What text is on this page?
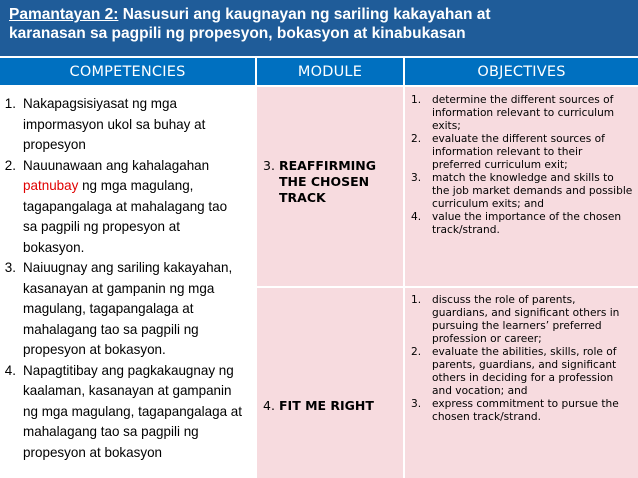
Pamantayan 2: Nasusuri ang kaugnayan ng sariling kakayahan at
karanasan sa pagpili ng propesyon, bokasyon at kinabukasan
COMPETENCIES	MODULE	OBJECTIVES
1. Nakapagsisiyasat ng mga impormasyon ukol sa buhay at propesyon
2. Nauunawaan ang kahalagahan patnubay ng mga magulang, tagapangalaga at mahalagang tao sa pagpili ng propesyon at bokasyon.
3. Naiuugnay ang sariling kakayahan, kasanayan at gampanin ng mga magulang, tagapangalaga at mahalagang tao sa pagpili ng propesyon at bokasyon.
4. Napagtitibay ang pagkakaugnay ng kaalaman, kasanayan at gampanin ng mga magulang, tagapangalaga at mahalagang tao sa pagpili ng propesyon at bokasyon
3. REAFFIRMING
THE CHOSEN
TRACK
1. determine the different sources of information relevant to curriculum exits;
2. evaluate the different sources of information relevant to their preferred curriculum exit;
3. match the knowledge and skills to the job market demands and possible curriculum exits; and
4. value the importance of the chosen track/strand.
4. FIT ME RIGHT
1. discuss the role of parents, guardians, and significant others in pursuing the learners’ preferred profession or career;
2. evaluate the abilities, skills, role of parents, guardians, and significant others in deciding for a profession and vocation; and
3. express commitment to pursue the chosen track/strand.
